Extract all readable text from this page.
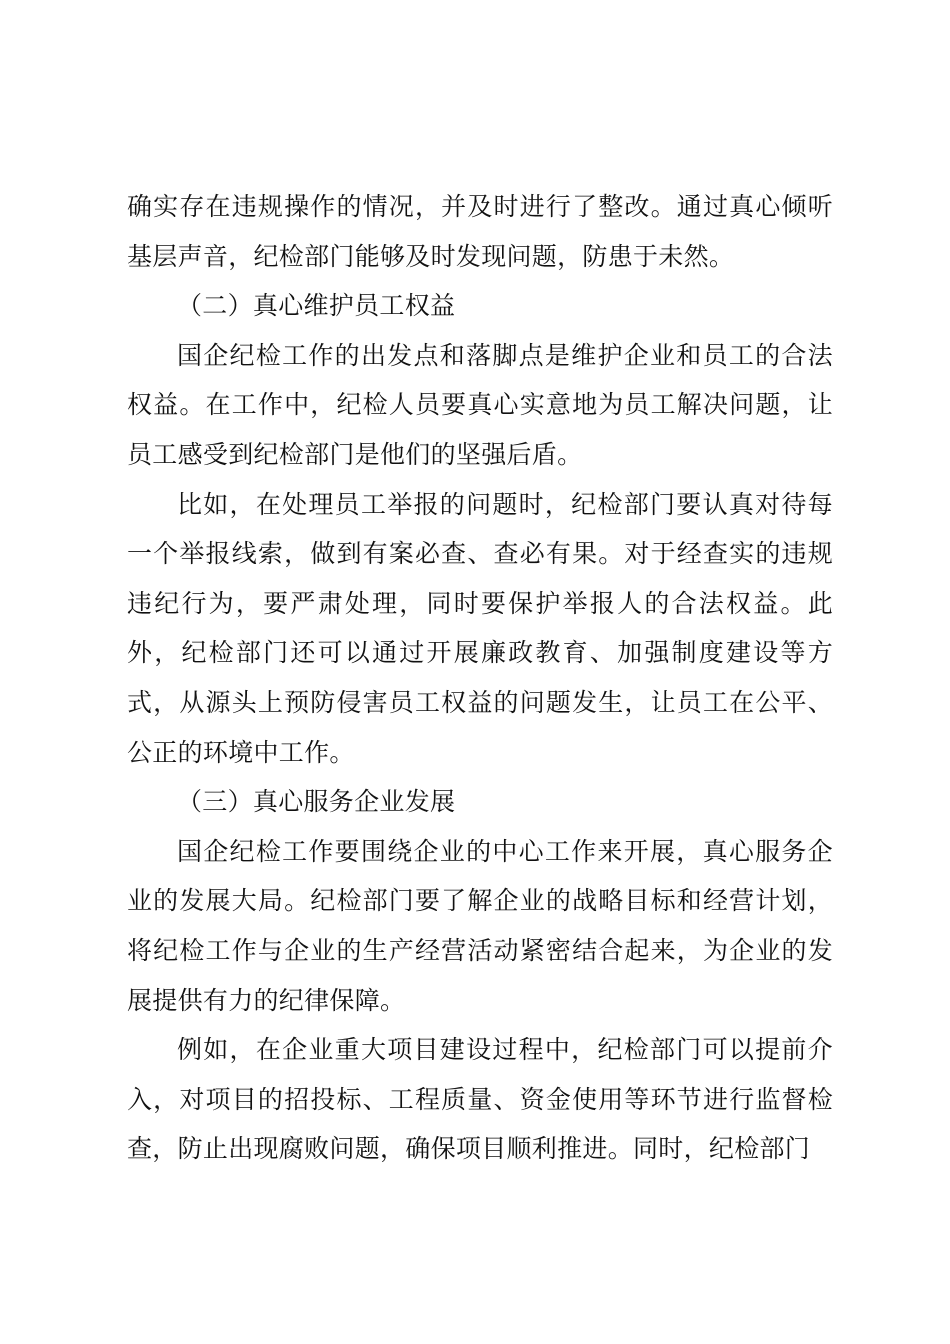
确实存在违规操作的情况，并及时进行了整改。通过真心倾听基层声音，纪检部门能够及时发现问题，防患于未然。

（二）真心维护员工权益

国企纪检工作的出发点和落脚点是维护企业和员工的合法权益。在工作中，纪检人员要真心实意地为员工解决问题，让员工感受到纪检部门是他们的坚强后盾。

比如，在处理员工举报的问题时，纪检部门要认真对待每一个举报线索，做到有案必查、查必有果。对于经查实的违规违纪行为，要严肃处理，同时要保护举报人的合法权益。此外，纪检部门还可以通过开展廉政教育、加强制度建设等方式，从源头上预防侵害员工权益的问题发生，让员工在公平、公正的环境中工作。

（三）真心服务企业发展

国企纪检工作要围绕企业的中心工作来开展，真心服务企业的发展大局。纪检部门要了解企业的战略目标和经营计划，将纪检工作与企业的生产经营活动紧密结合起来，为企业的发展提供有力的纪律保障。

例如，在企业重大项目建设过程中，纪检部门可以提前介入，对项目的招投标、工程质量、资金使用等环节进行监督检查，防止出现腐败问题，确保项目顺利推进。同时，纪检部门
